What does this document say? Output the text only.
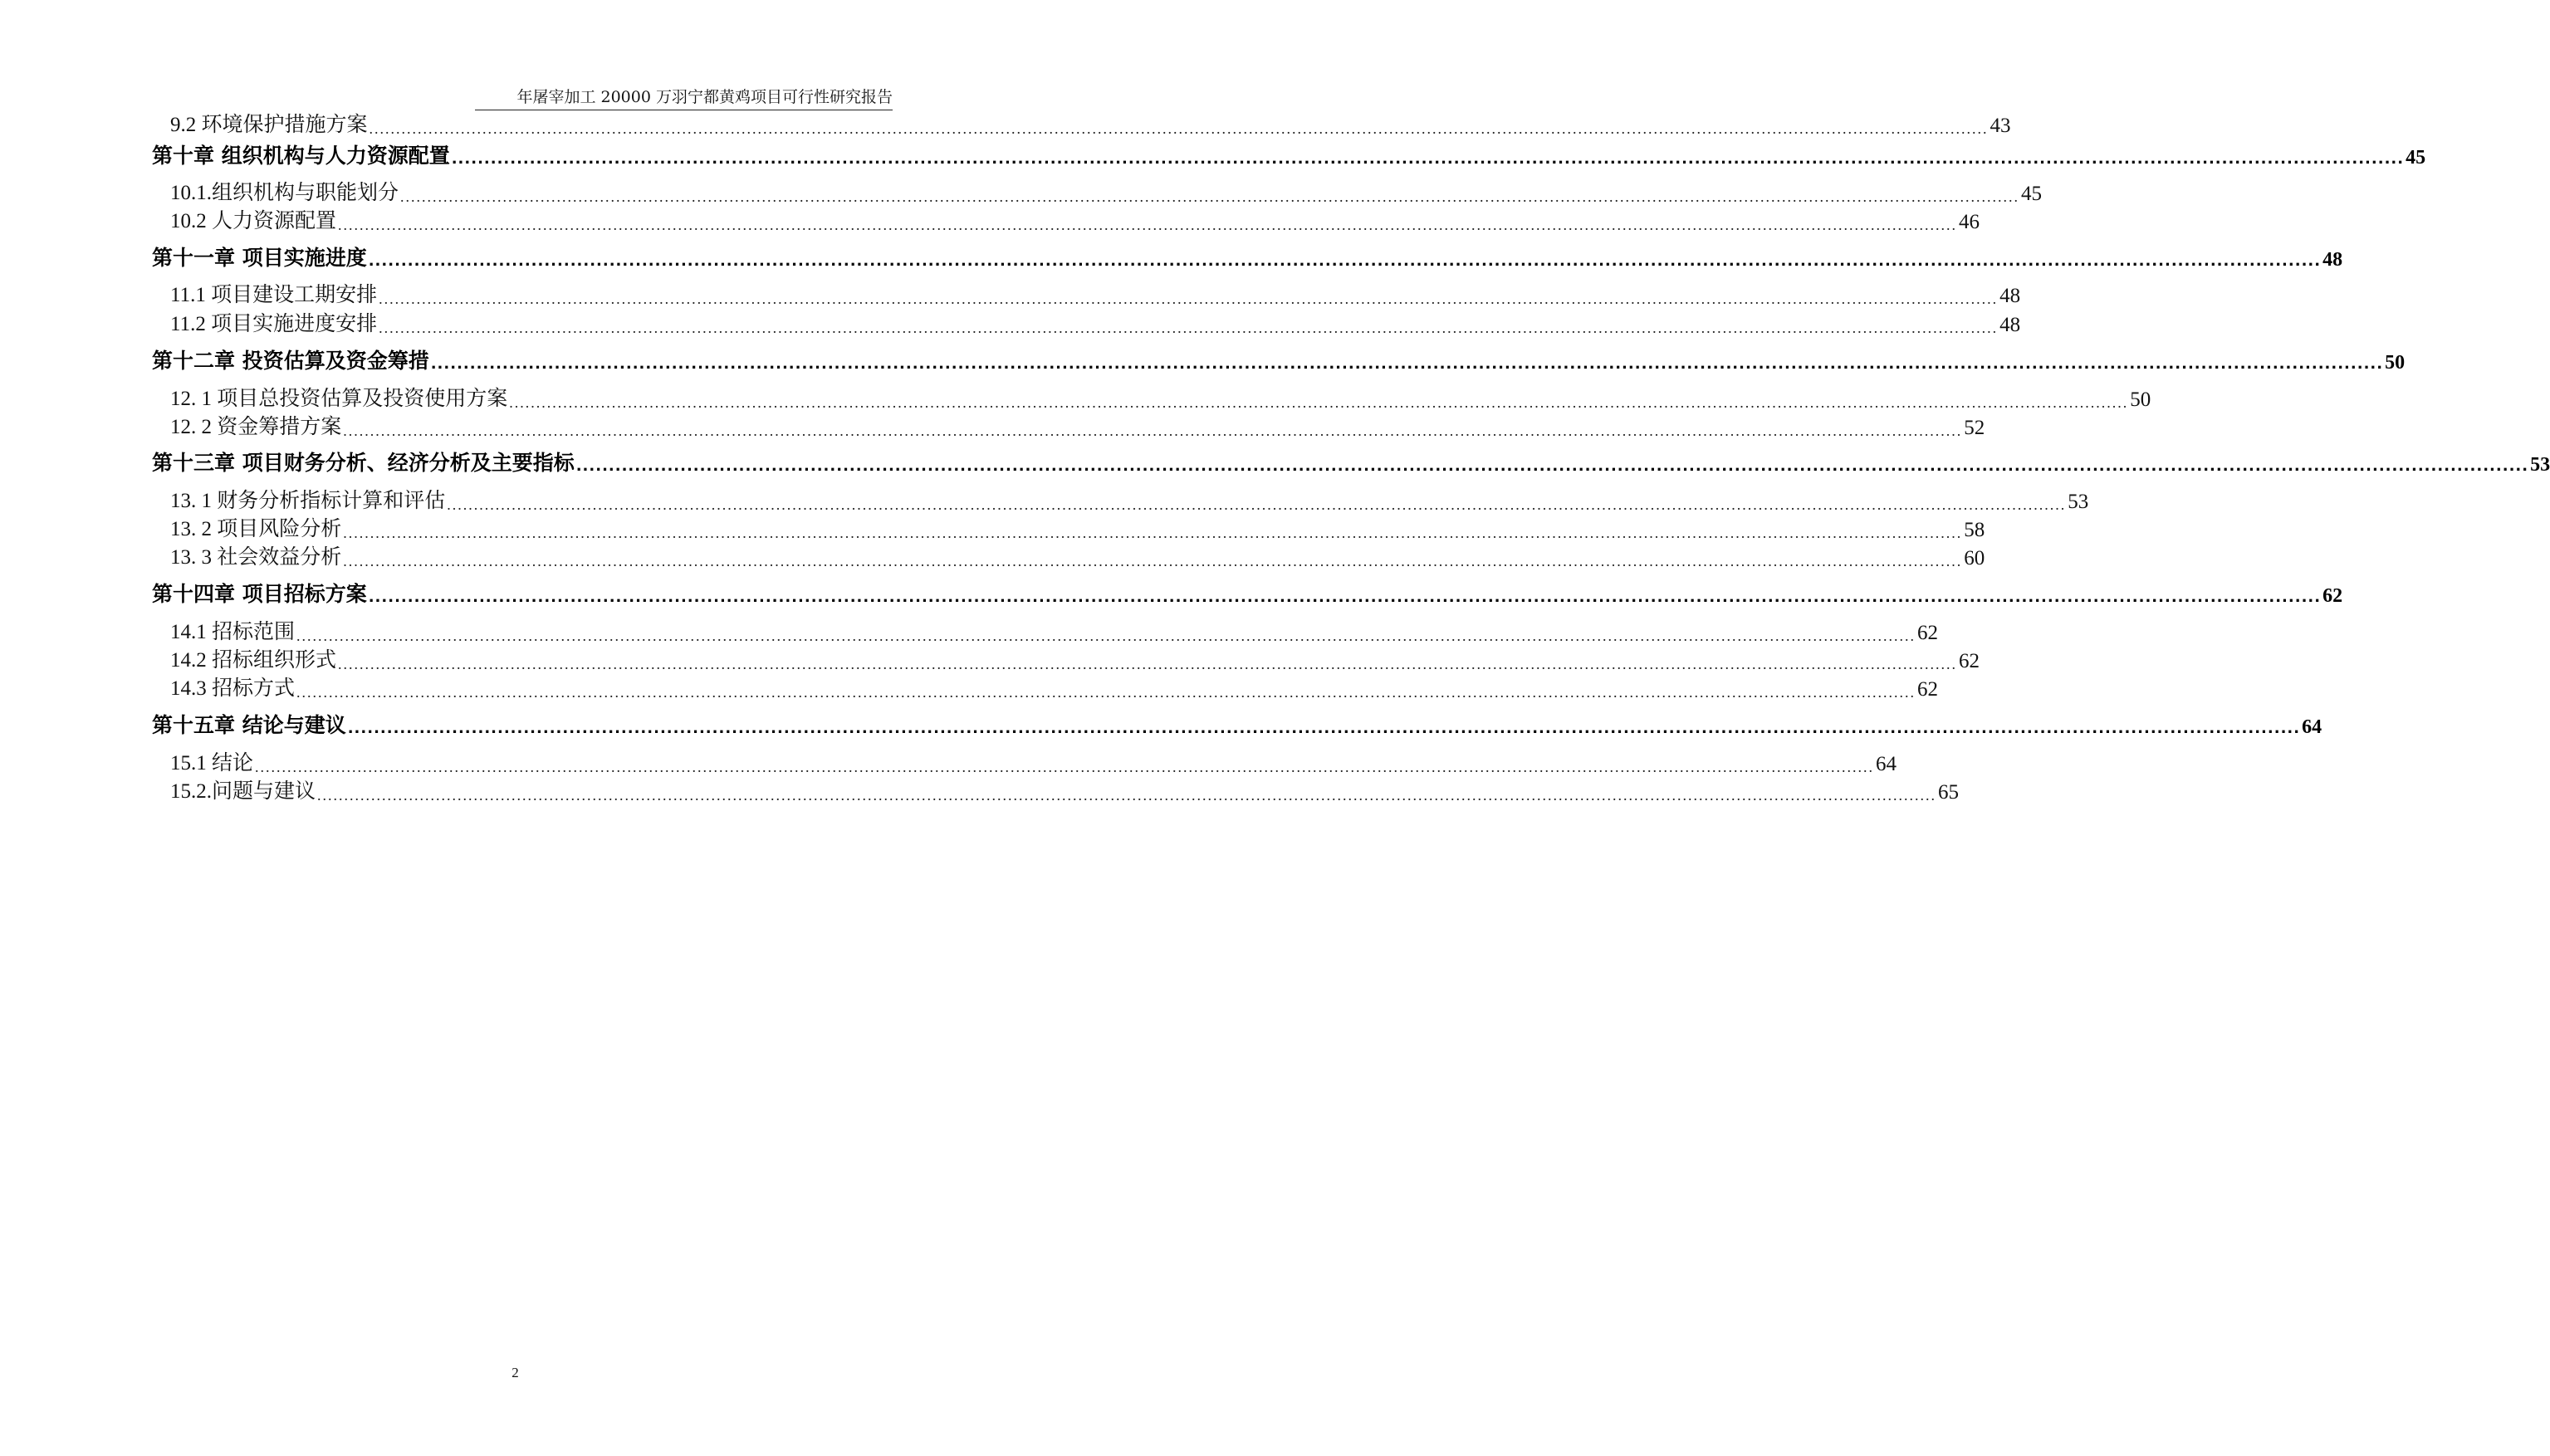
年屠宰加工 20000 万羽宁都黄鸡项目可行性研究报告
9.2 环境保护措施方案 ............................................................................................................................................................................................................................................................................................................ 43
第十章 组织机构与人力资源配置 ............................................................................................................................................................................................................................................................................................................ 45
10.1.组织机构与职能划分 ............................................................................................................................................................................................................................................................................................................ 45
10.2 人力资源配置 ............................................................................................................................................................................................................................................................................................................ 46
第十一章 项目实施进度 ............................................................................................................................................................................................................................................................................................................ 48
11.1 项目建设工期安排 ............................................................................................................................................................................................................................................................................................................ 48
11.2 项目实施进度安排 ............................................................................................................................................................................................................................................................................................................ 48
第十二章 投资估算及资金筹措 ............................................................................................................................................................................................................................................................................................................ 50
12. 1 项目总投资估算及投资使用方案 ............................................................................................................................................................................................................................................................................................................ 50
12. 2 资金筹措方案 ............................................................................................................................................................................................................................................................................................................ 52
第十三章 项目财务分析、经济分析及主要指标 ............................................................................................................................................................................................................................................................................................................ 53
13. 1 财务分析指标计算和评估 ............................................................................................................................................................................................................................................................................................................ 53
13. 2 项目风险分析 ............................................................................................................................................................................................................................................................................................................ 58
13. 3 社会效益分析 ............................................................................................................................................................................................................................................................................................................ 60
第十四章 项目招标方案 ............................................................................................................................................................................................................................................................................................................ 62
14.1 招标范围 ............................................................................................................................................................................................................................................................................................................ 62
14.2 招标组织形式 ............................................................................................................................................................................................................................................................................................................ 62
14.3 招标方式 ............................................................................................................................................................................................................................................................................................................ 62
第十五章 结论与建议 ............................................................................................................................................................................................................................................................................................................ 64
15.1 结论 ............................................................................................................................................................................................................................................................................................................ 64
15.2.问题与建议 ............................................................................................................................................................................................................................................................................................................ 65
2
